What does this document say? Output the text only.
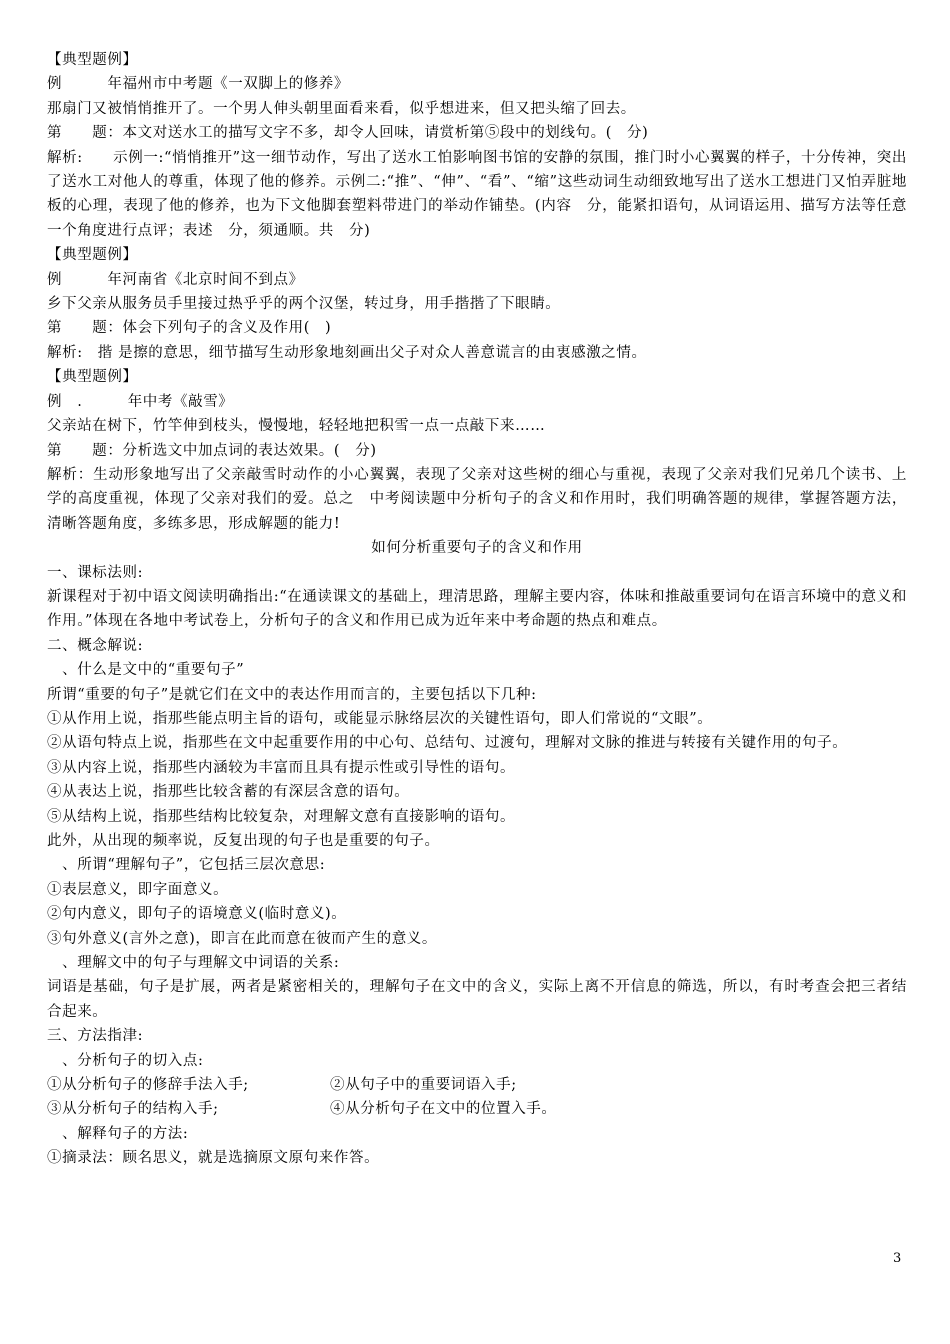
【典型题例】

例　　　年福州市中考题《一双脚上的修养》

那扇门又被悄悄推开了。一个男人伸头朝里面看来看，似乎想进来，但又把头缩了回去。

第　　题：本文对送水工的描写文字不多，却令人回味，请赏析第⑤段中的划线句。(　分)

解析:　　示例一:“悄悄推开”这一细节动作，写出了送水工怕影响图书馆的安静的氛围，推门时小心翼翼的样子，十分传神，突出了送水工对他人的尊重，体现了他的修养。示例二:“推”、“伸”、“看”、“缩”这些动词生动细致地写出了送水工想进门又怕弄脏地板的心理，表现了他的修养，也为下文他脚套塑料带进门的举动作铺垫。(内容　分，能紧扣语句，从词语运用、描写方法等任意一个角度进行点评；表述　分，须通顺。共　分)

【典型题例】

例　　　年河南省《北京时间不到点》

乡下父亲从服务员手里接过热乎乎的两个汉堡，转过身，用手揩揩了下眼睛。

第　　题：体会下列句子的含义及作用(　)

解析:　揩 是擦的意思，细节描写生动形象地刻画出父子对众人善意谎言的由衷感激之情。

【典型题例】

例　.　　　年中考《敲雪》

父亲站在树下，竹竿伸到枝头，慢慢地，轻轻地把积雪一点一点敲下来……

第　　题：分析选文中加点词的表达效果。(　分)

解析：生动形象地写出了父亲敲雪时动作的小心翼翼，表现了父亲对这些树的细心与重视，表现了父亲对我们兄弟几个读书、上学的高度重视，体现了父亲对我们的爱。总之　中考阅读题中分析句子的含义和作用时，我们明确答题的规律，掌握答题方法，清晰答题角度，多练多思，形成解题的能力!

如何分析重要句子的含义和作用

一、课标法则:

新课程对于初中语文阅读明确指出:“在通读课文的基础上，理清思路，理解主要内容，体味和推敲重要词句在语言环境中的意义和作用。”体现在各地中考试卷上，分析句子的含义和作用已成为近年来中考命题的热点和难点。

二、概念解说:

　、什么是文中的“重要句子”

所谓“重要的句子”是就它们在文中的表达作用而言的，主要包括以下几种:

①从作用上说，指那些能点明主旨的语句，或能显示脉络层次的关键性语句，即人们常说的“文眼”。

②从语句特点上说，指那些在文中起重要作用的中心句、总结句、过渡句，理解对文脉的推进与转接有关键作用的句子。

③从内容上说，指那些内涵较为丰富而且具有提示性或引导性的语句。

④从表达上说，指那些比较含蓄的有深层含意的语句。

⑤从结构上说，指那些结构比较复杂，对理解文意有直接影响的语句。

此外，从出现的频率说，反复出现的句子也是重要的句子。

　、所谓“理解句子”，它包括三层次意思:

①表层意义，即字面意义。

②句内意义，即句子的语境意义(临时意义)。

③句外意义(言外之意)，即言在此而意在彼而产生的意义。

　、理解文中的句子与理解文中词语的关系:

词语是基础，句子是扩展，两者是紧密相关的，理解句子在文中的含义，实际上离不开信息的筛选，所以，有时考查会把三者结合起来。

三、方法指津:

　、分析句子的切入点:

①从分析句子的修辞手法入手;	②从句子中的重要词语入手;
③从分析句子的结构入手;	④从分析句子在文中的位置入手。

　、解释句子的方法:

①摘录法：顾名思义，就是选摘原文原句来作答。

3
